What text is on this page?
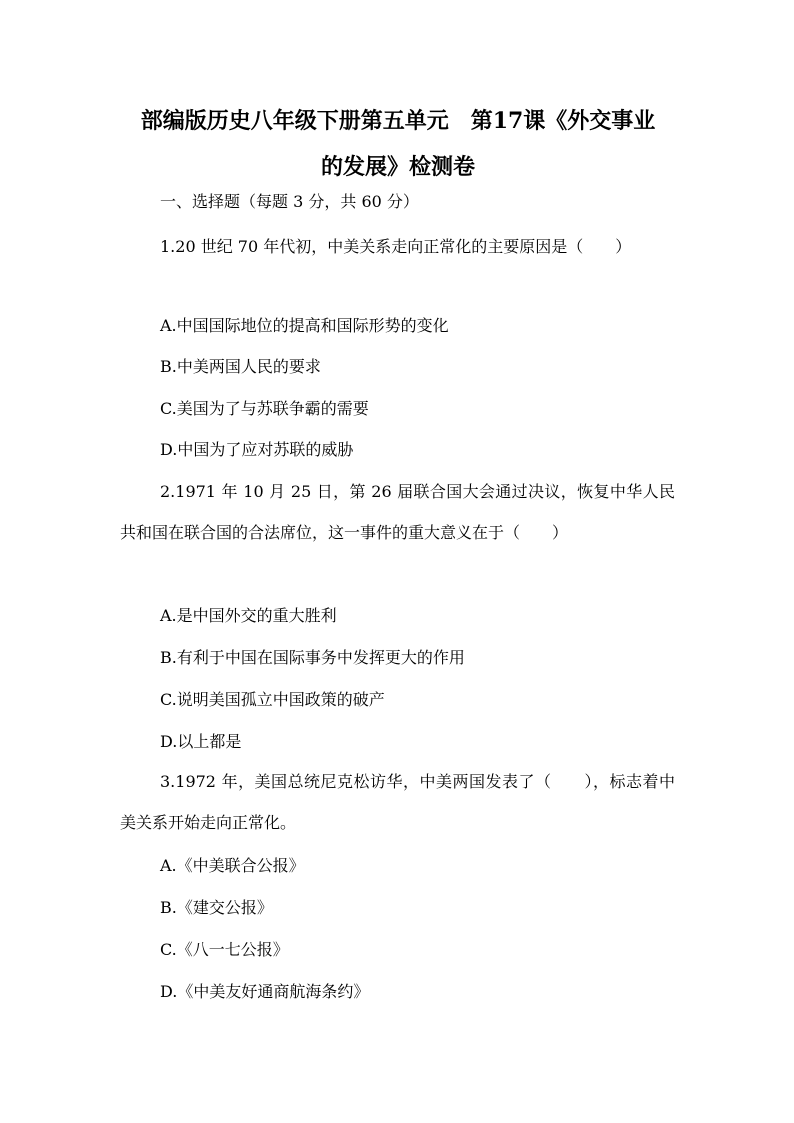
部编版历史八年级下册第五单元　第17课《外交事业
的发展》检测卷
一、选择题（每题 3 分，共 60 分）
1.20 世纪 70 年代初，中美关系走向正常化的主要原因是（　　）
A.中国国际地位的提高和国际形势的变化
B.中美两国人民的要求
C.美国为了与苏联争霸的需要
D.中国为了应对苏联的威胁
2.1971 年 10 月 25 日，第 26 届联合国大会通过决议，恢复中华人民共和国在联合国的合法席位，这一事件的重大意义在于（　　）
A.是中国外交的重大胜利
B.有利于中国在国际事务中发挥更大的作用
C.说明美国孤立中国政策的破产
D.以上都是
3.1972 年，美国总统尼克松访华，中美两国发表了（　　），标志着中美关系开始走向正常化。
A.《中美联合公报》
B.《建交公报》
C.《八一七公报》
D.《中美友好通商航海条约》
